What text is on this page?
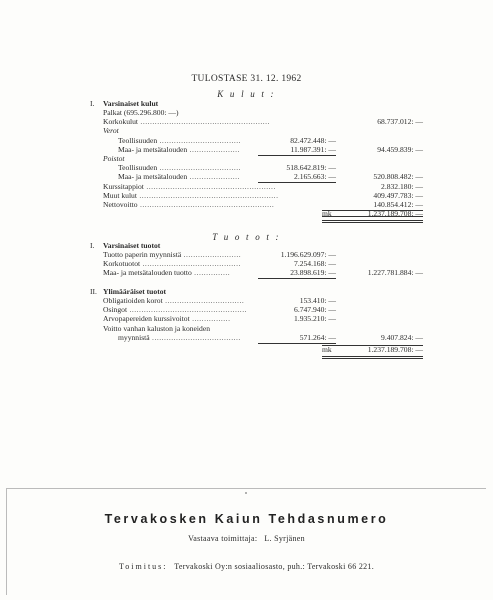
TULOSTASE 31. 12. 1962
K u l u t :
I. Varsinaiset kulut
Palkat (695.296.800: —)
Korkokulut ......................................................	68.737.012: —
Verot
Teollisuuden ..................................	82.472.448: —
Maa- ja metsätalouden .....................	11.987.391: —	94.459.839: —
Poistot
Teollisuuden ..................................	518.642.819: —
Maa- ja metsätalouden .....................	2.165.663: —	520.808.482: —
Kurssitappiot ......................................................	2.832.180: —
Muut kulut ..........................................................	409.497.783: —
Nettovoitto ........................................................	140.854.412: —
mk	1.237.189.708: —
T u o t o t :
I. Varsinaiset tuotot
Tuotto paperin myynnistä ........................	1.196.629.097: —
Korkotuotot .........................................	7.254.168: —
Maa- ja metsätalouden tuotto ...............	23.898.619: —	1.227.781.884: —
II. Ylimääräiset tuotot
Obligatioiden korot .................................	153.410: —
Osingot .................................................	6.747.940: —
Arvopapereiden kurssivoitot ................	1.935.210: —
Voitto vanhan kaluston ja koneiden
myynnistä .....................................	571.264: —	9.407.824: —
mk	1.237.189.708: —
Tervakosken Kaiun Tehdasnumero
Vastaava toimittaja: L. Syrjänen
Toimitus: Tervakoski Oy:n sosiaaliosasto, puh.: Tervakoski 66 221.
